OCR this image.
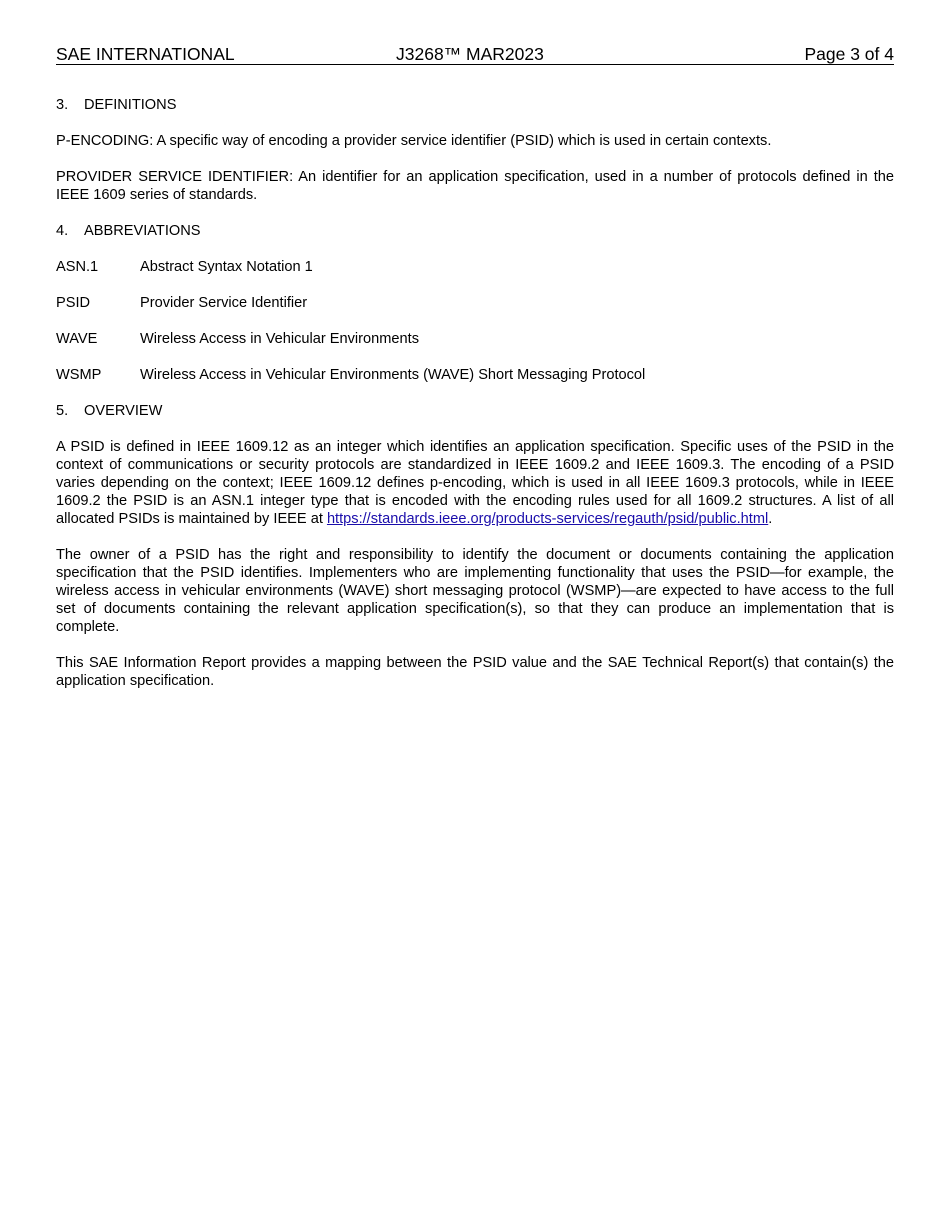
SAE INTERNATIONAL	J3268™ MAR2023	Page 3 of 4
3. DEFINITIONS
P-ENCODING: A specific way of encoding a provider service identifier (PSID) which is used in certain contexts.
PROVIDER SERVICE IDENTIFIER: An identifier for an application specification, used in a number of protocols defined in the IEEE 1609 series of standards.
4. ABBREVIATIONS
ASN.1	Abstract Syntax Notation 1
PSID	Provider Service Identifier
WAVE	Wireless Access in Vehicular Environments
WSMP	Wireless Access in Vehicular Environments (WAVE) Short Messaging Protocol
5. OVERVIEW
A PSID is defined in IEEE 1609.12 as an integer which identifies an application specification. Specific uses of the PSID in the context of communications or security protocols are standardized in IEEE 1609.2 and IEEE 1609.3. The encoding of a PSID varies depending on the context; IEEE 1609.12 defines p-encoding, which is used in all IEEE 1609.3 protocols, while in IEEE 1609.2 the PSID is an ASN.1 integer type that is encoded with the encoding rules used for all 1609.2 structures. A list of all allocated PSIDs is maintained by IEEE at https://standards.ieee.org/products-services/regauth/psid/public.html.
The owner of a PSID has the right and responsibility to identify the document or documents containing the application specification that the PSID identifies. Implementers who are implementing functionality that uses the PSID—for example, the wireless access in vehicular environments (WAVE) short messaging protocol (WSMP)—are expected to have access to the full set of documents containing the relevant application specification(s), so that they can produce an implementation that is complete.
This SAE Information Report provides a mapping between the PSID value and the SAE Technical Report(s) that contain(s) the application specification.
